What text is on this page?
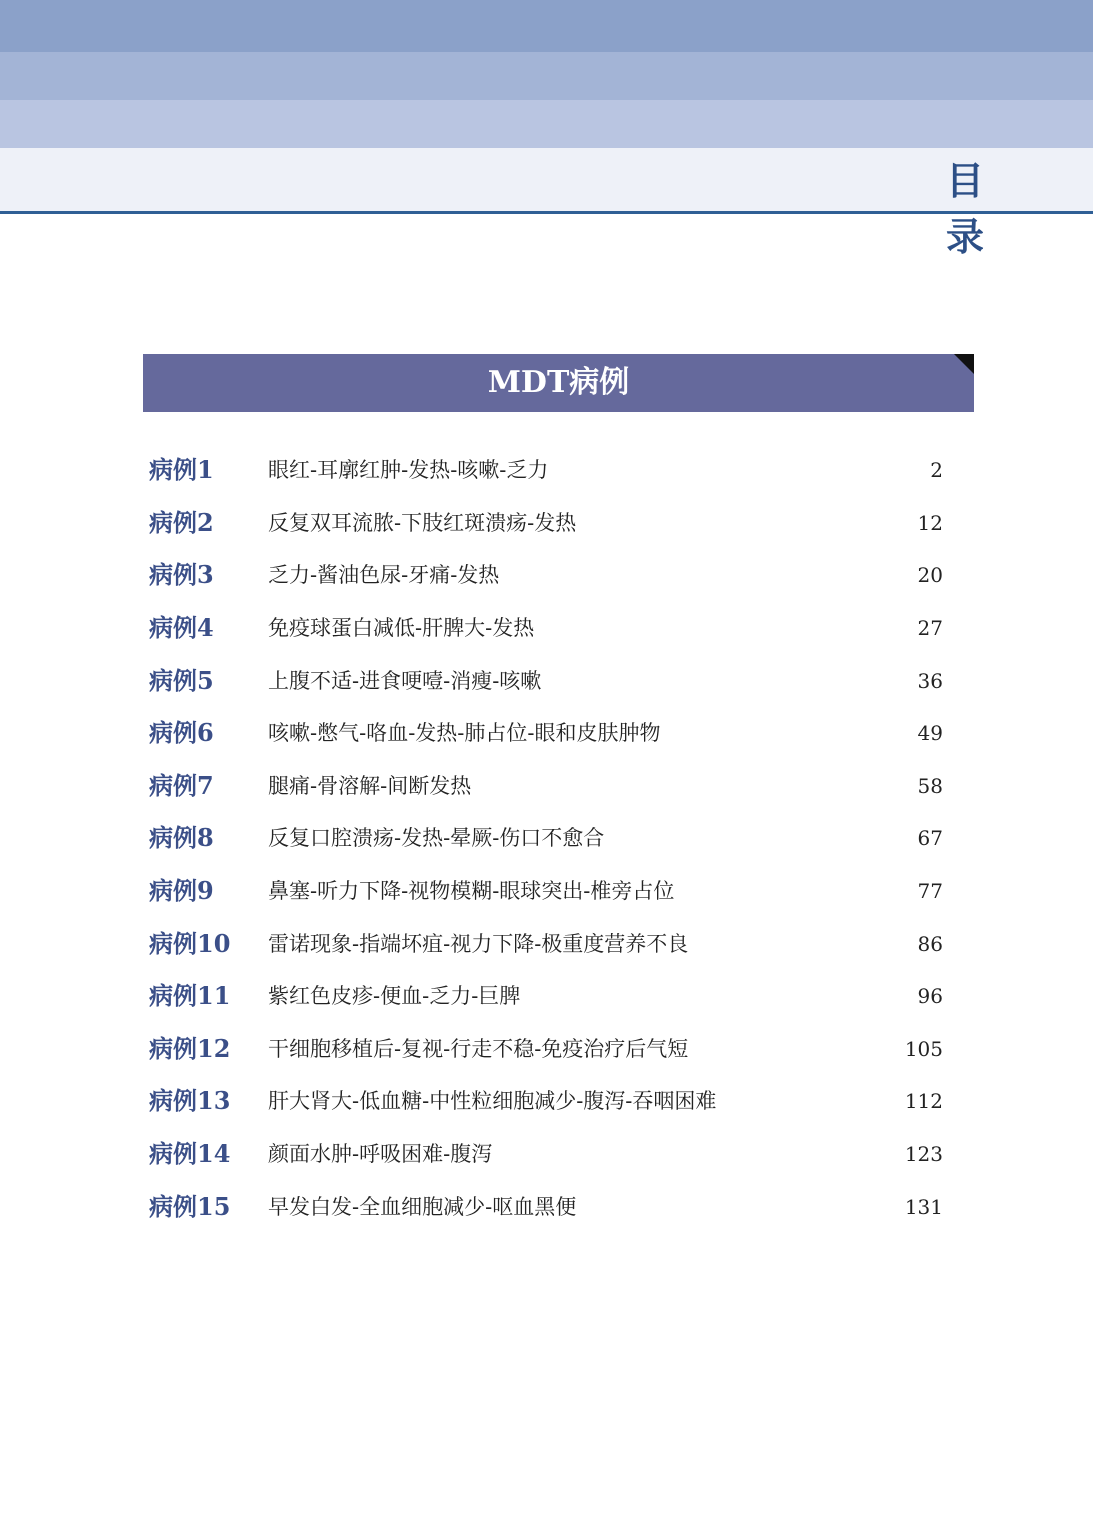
目 录
MDT病例
病例1	眼红-耳廓红肿-发热-咳嗽-乏力	2
病例2	反复双耳流脓-下肢红斑溃疡-发热	12
病例3	乏力-酱油色尿-牙痛-发热	20
病例4	免疫球蛋白减低-肝脾大-发热	27
病例5	上腹不适-进食哽噎-消瘦-咳嗽	36
病例6	咳嗽-憋气-咯血-发热-肺占位-眼和皮肤肿物	49
病例7	腿痛-骨溶解-间断发热	58
病例8	反复口腔溃疡-发热-晕厥-伤口不愈合	67
病例9	鼻塞-听力下降-视物模糊-眼球突出-椎旁占位	77
病例10 雷诺现象-指端坏疽-视力下降-极重度营养不良	86
病例11 紫红色皮疹-便血-乏力-巨脾	96
病例12 干细胞移植后-复视-行走不稳-免疫治疗后气短	105
病例13 肝大肾大-低血糖-中性粒细胞减少-腹泻-吞咽困难	112
病例14 颜面水肿-呼吸困难-腹泻	123
病例15 早发白发-全血细胞减少-呕血黑便	131
